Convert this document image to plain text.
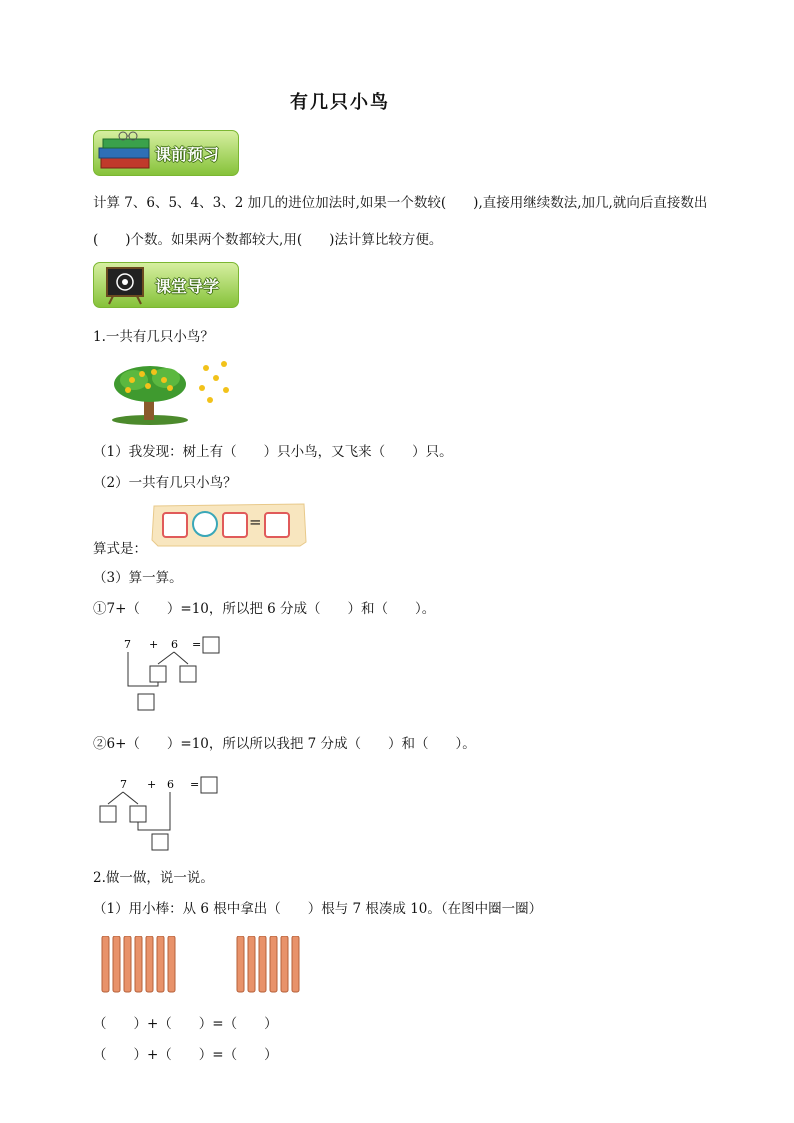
有几只小鸟
课前预习
计算 7、6、5、4、3、2 加几的进位加法时,如果一个数较(　　),直接用继续数法,加几,就向后直接数出
(　　)个数。如果两个数都较大,用(　　)法计算比较方便。
课堂导学
1.一共有几只小鸟？
（1）我发现：树上有（　　）只小鸟，又飞来（　　）只。
（2）一共有几只小鸟？
算式是：
=
（3）算一算。
①7+（　　）=10，所以把 6 分成（　　）和（　　）。
7 + 6 =
②6+（　　）=10，所以所以我把 7 分成（　　）和（　　）。
7 + 6 =
2.做一做，说一说。
（1）用小棒：从 6 根中拿出（　　）根与 7 根凑成 10。（在图中圈一圈）
（　　）+（　　）=（　　）
（　　）+（　　）=（　　）
